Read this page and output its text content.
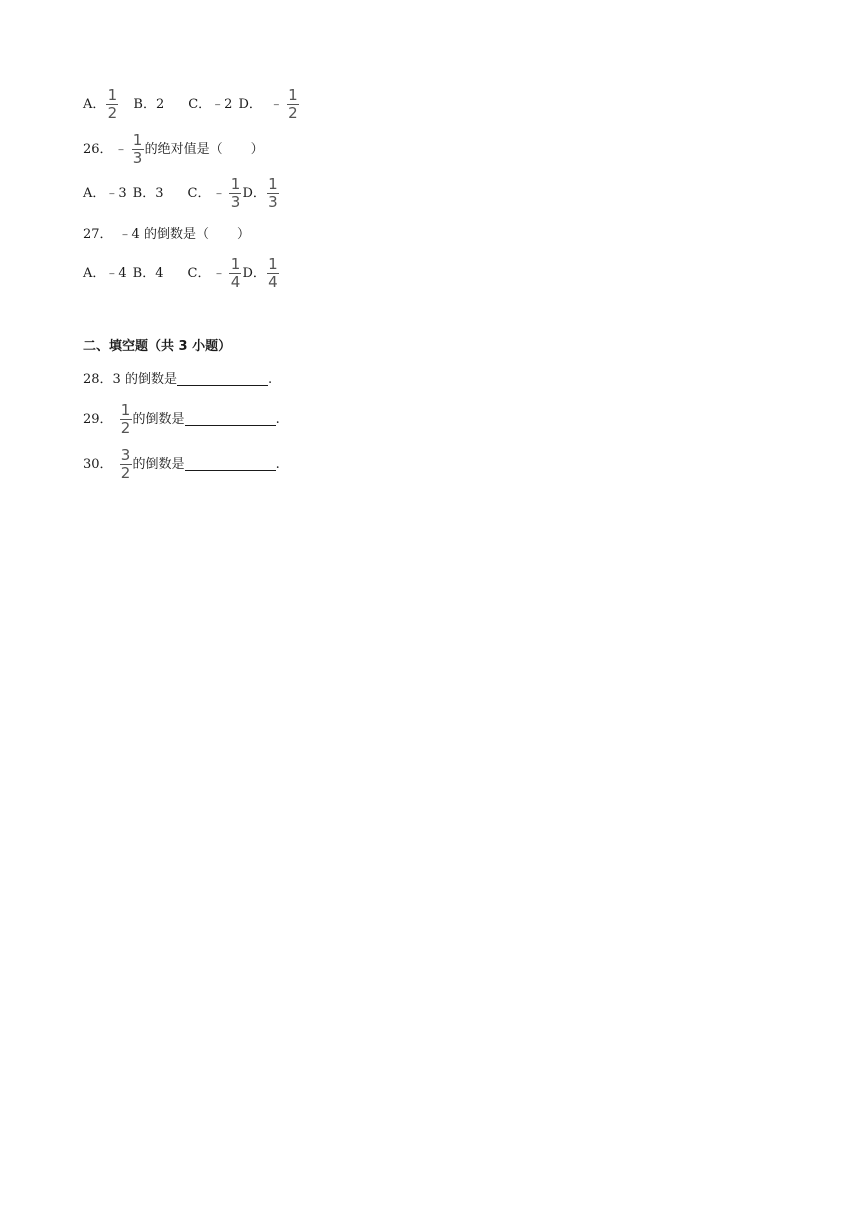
A． $\frac{1}{2}$ B．2 C． ﹣2 D． ﹣ $\frac{1}{2}$
26． ﹣ $\frac{1}{3}$ 的绝对值是（ ）
A．﹣3 B．3 C． ﹣ $\frac{1}{3}$ D． $\frac{1}{3}$
27． ﹣4 的倒数是（ ）
A．﹣4 B．4 C． ﹣ $\frac{1}{4}$ D． $\frac{1}{4}$
二、填空题（共 3 小题）
28． 3 的倒数是	.
29． $\frac{1}{2}$ 的倒数是	.
30． $\frac{3}{2}$ 的倒数是	.
